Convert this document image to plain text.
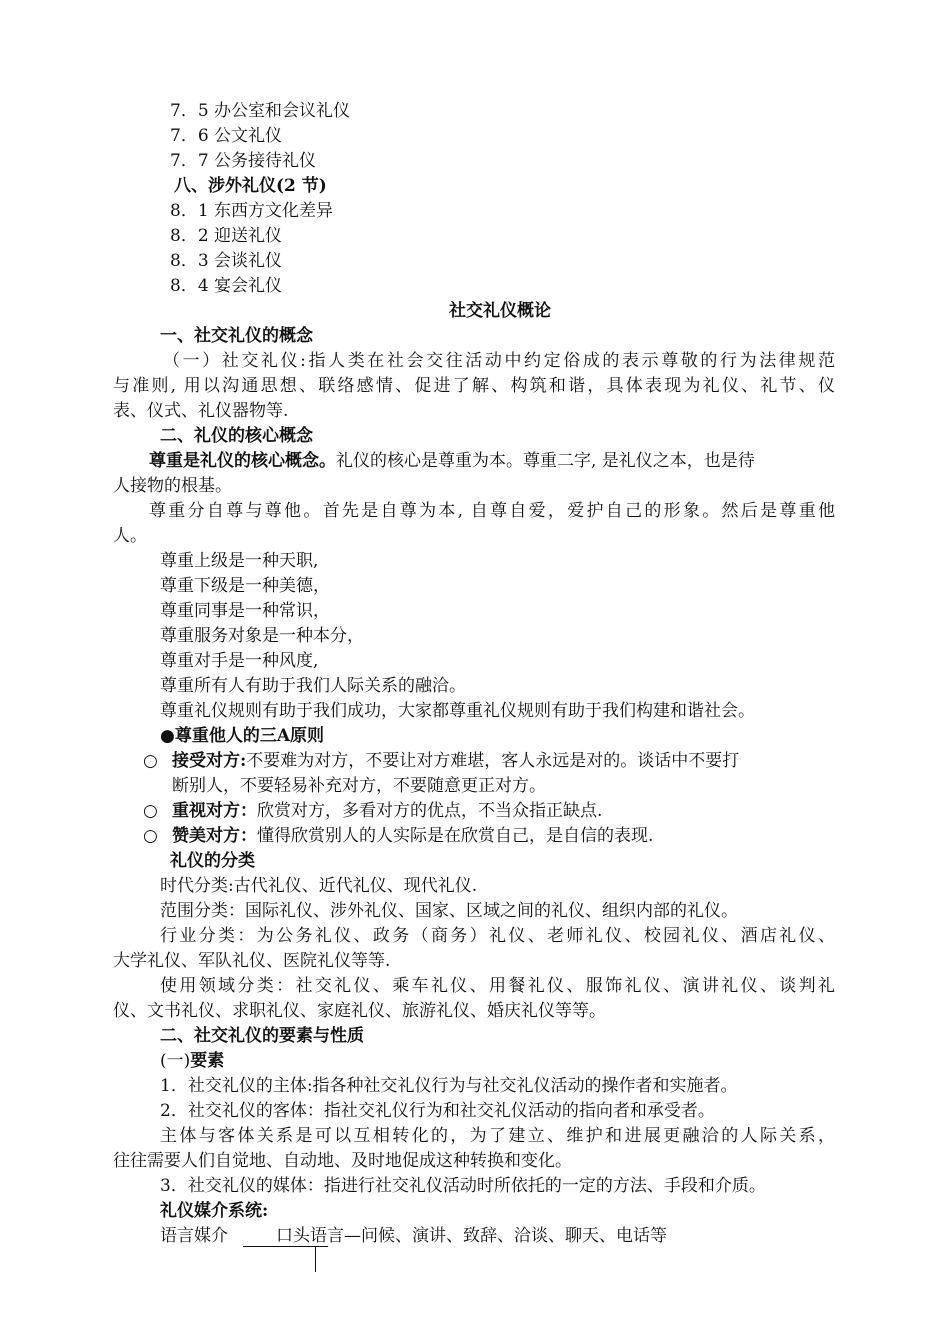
7．5 办公室和会议礼仪
7．6 公文礼仪
7．7 公务接待礼仪
八、涉外礼仪(2 节)
8．1 东西方文化差异
8．2 迎送礼仪
8．3 会谈礼仪
8．4 宴会礼仪
社交礼仪概论
一、社交礼仪的概念
（一）社交礼仪:指人类在社会交往活动中约定俗成的表示尊敬的行为法律规范
与准则, 用以沟通思想、联络感情、促进了解、构筑和谐，具体表现为礼仪、礼节、仪
表、仪式、礼仪器物等.
二、礼仪的核心概念
尊重是礼仪的核心概念。礼仪的核心是尊重为本。尊重二字, 是礼仪之本，也是待
人接物的根基。
尊重分自尊与尊他。首先是自尊为本, 自尊自爱，爱护自己的形象。然后是尊重他
人。
尊重上级是一种天职,
尊重下级是一种美德，
尊重同事是一种常识，
尊重服务对象是一种本分，
尊重对手是一种风度,
尊重所有人有助于我们人际关系的融洽。
尊重礼仪规则有助于我们成功，大家都尊重礼仪规则有助于我们构建和谐社会。
●尊重他人的三A原则
○ 接受对方:不要难为对方，不要让对方难堪，客人永远是对的。谈话中不要打
断别人，不要轻易补充对方，不要随意更正对方。
○ 重视对方：欣赏对方，多看对方的优点，不当众指正缺点.
○ 赞美对方：懂得欣赏别人的人实际是在欣赏自己，是自信的表现.
礼仪的分类
时代分类:古代礼仪、近代礼仪、现代礼仪.
范围分类：国际礼仪、涉外礼仪、国家、区域之间的礼仪、组织内部的礼仪。
行业分类：为公务礼仪、政务（商务）礼仪、老师礼仪、校园礼仪、酒店礼仪、
大学礼仪、军队礼仪、医院礼仪等等.
使用领域分类：社交礼仪、乘车礼仪、用餐礼仪、服饰礼仪、演讲礼仪、谈判礼
仪、文书礼仪、求职礼仪、家庭礼仪、旅游礼仪、婚庆礼仪等等。
二、社交礼仪的要素与性质
(一)要素
1．社交礼仪的主体:指各种社交礼仪行为与社交礼仪活动的操作者和实施者。
2．社交礼仪的客体：指社交礼仪行为和社交礼仪活动的指向者和承受者。
主体与客体关系是可以互相转化的，为了建立、维护和进展更融洽的人际关系，
往往需要人们自觉地、自动地、及时地促成这种转换和变化。
3．社交礼仪的媒体：指进行社交礼仪活动时所依托的一定的方法、手段和介质。
礼仪媒介系统:
语言媒介	口头语言—问候、演讲、致辞、洽谈、聊天、电话等
